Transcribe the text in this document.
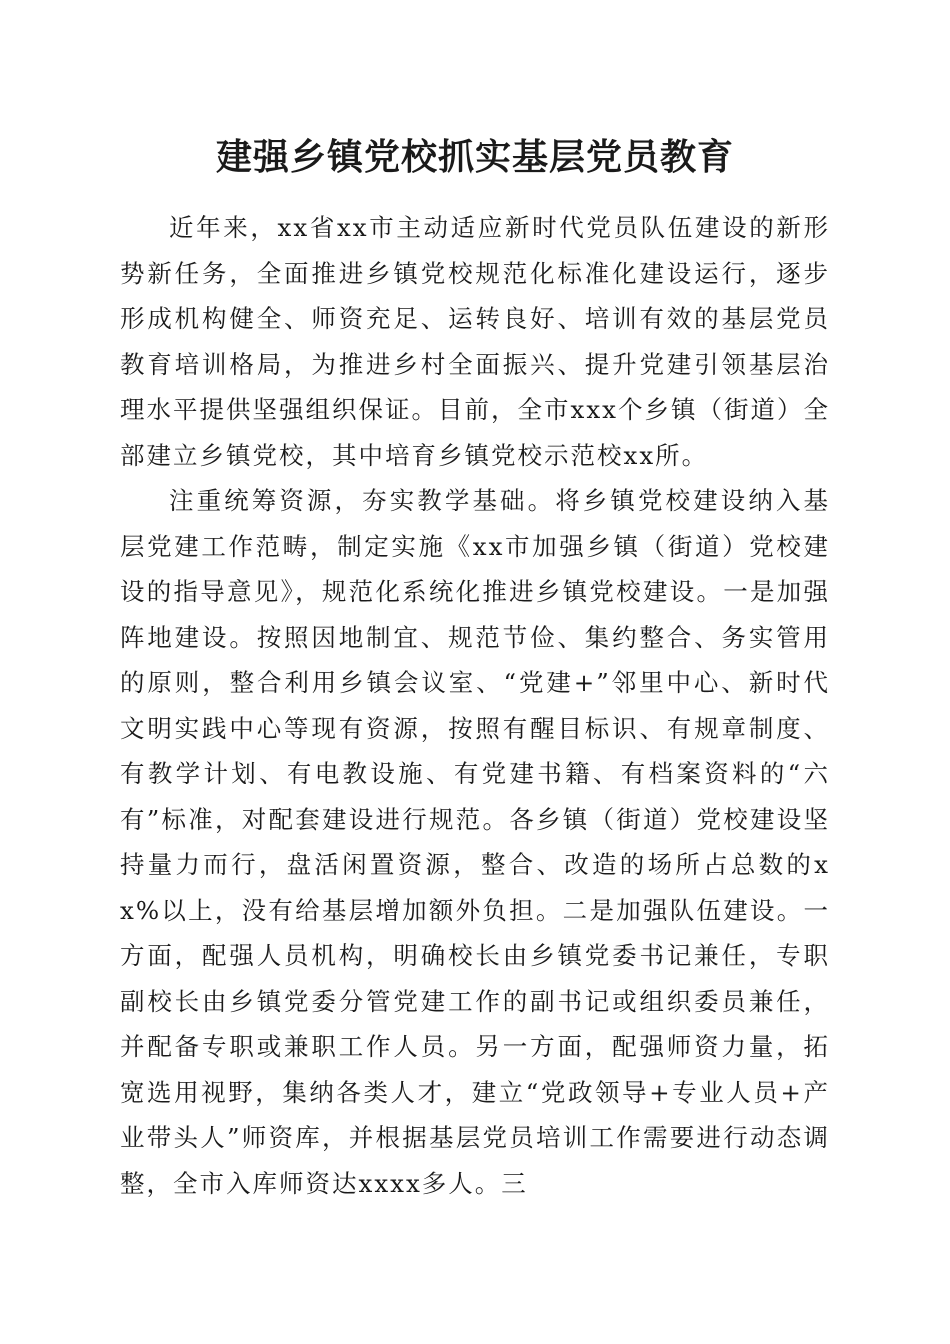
建强乡镇党校抓实基层党员教育

近年来，xx省xx市主动适应新时代党员队伍建设的新形势新任务，全面推进乡镇党校规范化标准化建设运行，逐步形成机构健全、师资充足、运转良好、培训有效的基层党员教育培训格局，为推进乡村全面振兴、提升党建引领基层治理水平提供坚强组织保证。目前，全市xxx个乡镇（街道）全部建立乡镇党校，其中培育乡镇党校示范校xx所。

注重统筹资源，夯实教学基础。将乡镇党校建设纳入基层党建工作范畴，制定实施《xx市加强乡镇（街道）党校建设的指导意见》，规范化系统化推进乡镇党校建设。一是加强阵地建设。按照因地制宜、规范节俭、集约整合、务实管用的原则，整合利用乡镇会议室、“党建+”邻里中心、新时代文明实践中心等现有资源，按照有醒目标识、有规章制度、有教学计划、有电教设施、有党建书籍、有档案资料的“六有”标准，对配套建设进行规范。各乡镇（街道）党校建设坚持量力而行，盘活闲置资源，整合、改造的场所占总数的xx%以上，没有给基层增加额外负担。二是加强队伍建设。一方面，配强人员机构，明确校长由乡镇党委书记兼任，专职副校长由乡镇党委分管党建工作的副书记或组织委员兼任，并配备专职或兼职工作人员。另一方面，配强师资力量，拓宽选用视野，集纳各类人才，建立“党政领导+专业人员+产业带头人”师资库，并根据基层党员培训工作需要进行动态调整，全市入库师资达xxxx多人。三
